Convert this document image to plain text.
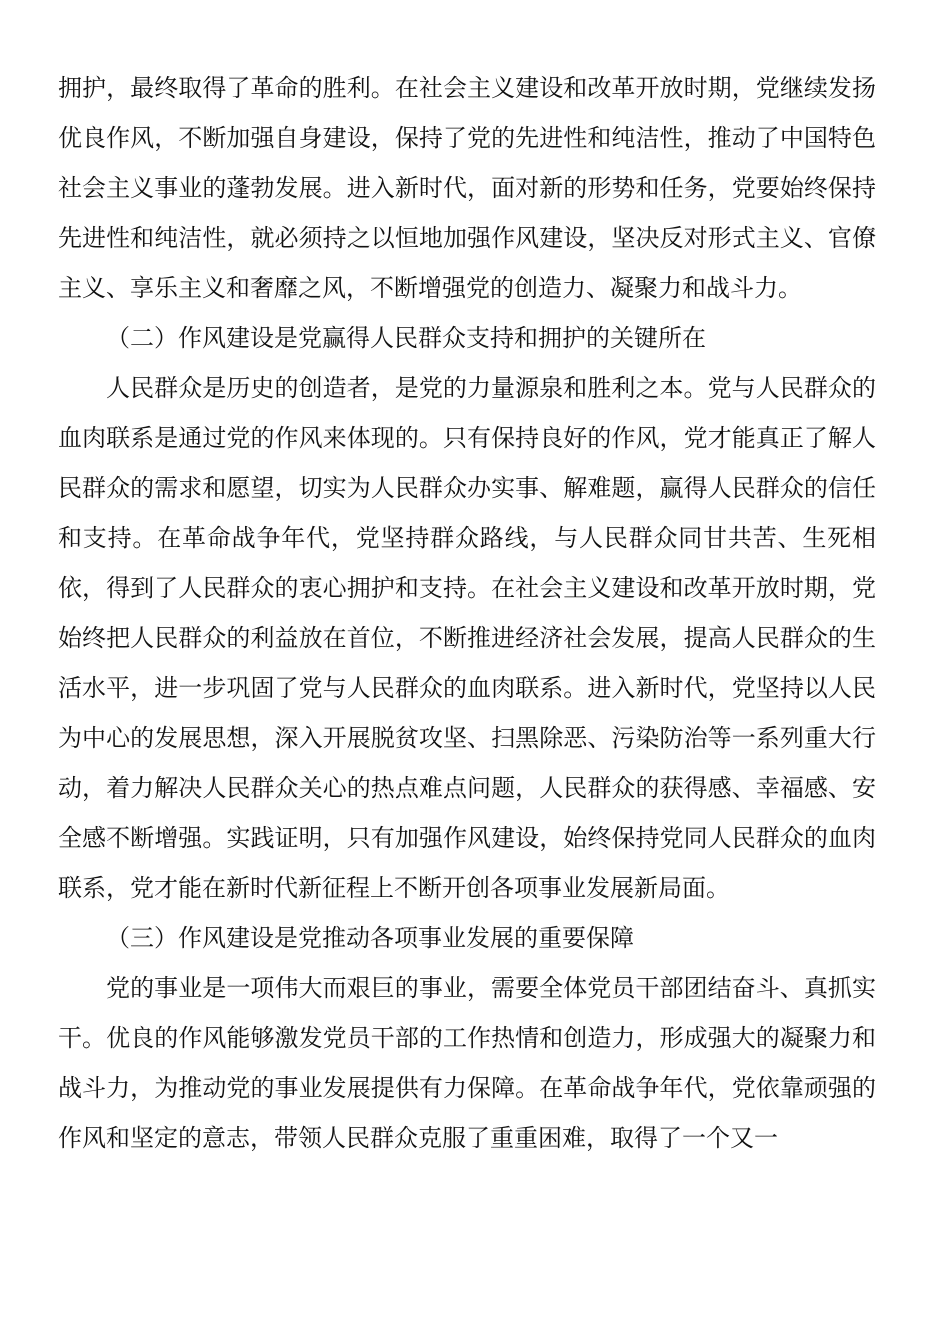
拥护，最终取得了革命的胜利。在社会主义建设和改革开放时期，党继续发扬优良作风，不断加强自身建设，保持了党的先进性和纯洁性，推动了中国特色社会主义事业的蓬勃发展。进入新时代，面对新的形势和任务，党要始终保持先进性和纯洁性，就必须持之以恒地加强作风建设，坚决反对形式主义、官僚主义、享乐主义和奢靡之风，不断增强党的创造力、凝聚力和战斗力。

（二）作风建设是党赢得人民群众支持和拥护的关键所在

人民群众是历史的创造者，是党的力量源泉和胜利之本。党与人民群众的血肉联系是通过党的作风来体现的。只有保持良好的作风，党才能真正了解人民群众的需求和愿望，切实为人民群众办实事、解难题，赢得人民群众的信任和支持。在革命战争年代，党坚持群众路线，与人民群众同甘共苦、生死相依，得到了人民群众的衷心拥护和支持。在社会主义建设和改革开放时期，党始终把人民群众的利益放在首位，不断推进经济社会发展，提高人民群众的生活水平，进一步巩固了党与人民群众的血肉联系。进入新时代，党坚持以人民为中心的发展思想，深入开展脱贫攻坚、扫黑除恶、污染防治等一系列重大行动，着力解决人民群众关心的热点难点问题，人民群众的获得感、幸福感、安全感不断增强。实践证明，只有加强作风建设，始终保持党同人民群众的血肉联系，党才能在新时代新征程上不断开创各项事业发展新局面。

（三）作风建设是党推动各项事业发展的重要保障

党的事业是一项伟大而艰巨的事业，需要全体党员干部团结奋斗、真抓实干。优良的作风能够激发党员干部的工作热情和创造力，形成强大的凝聚力和战斗力，为推动党的事业发展提供有力保障。在革命战争年代，党依靠顽强的作风和坚定的意志，带领人民群众克服了重重困难，取得了一个又一
